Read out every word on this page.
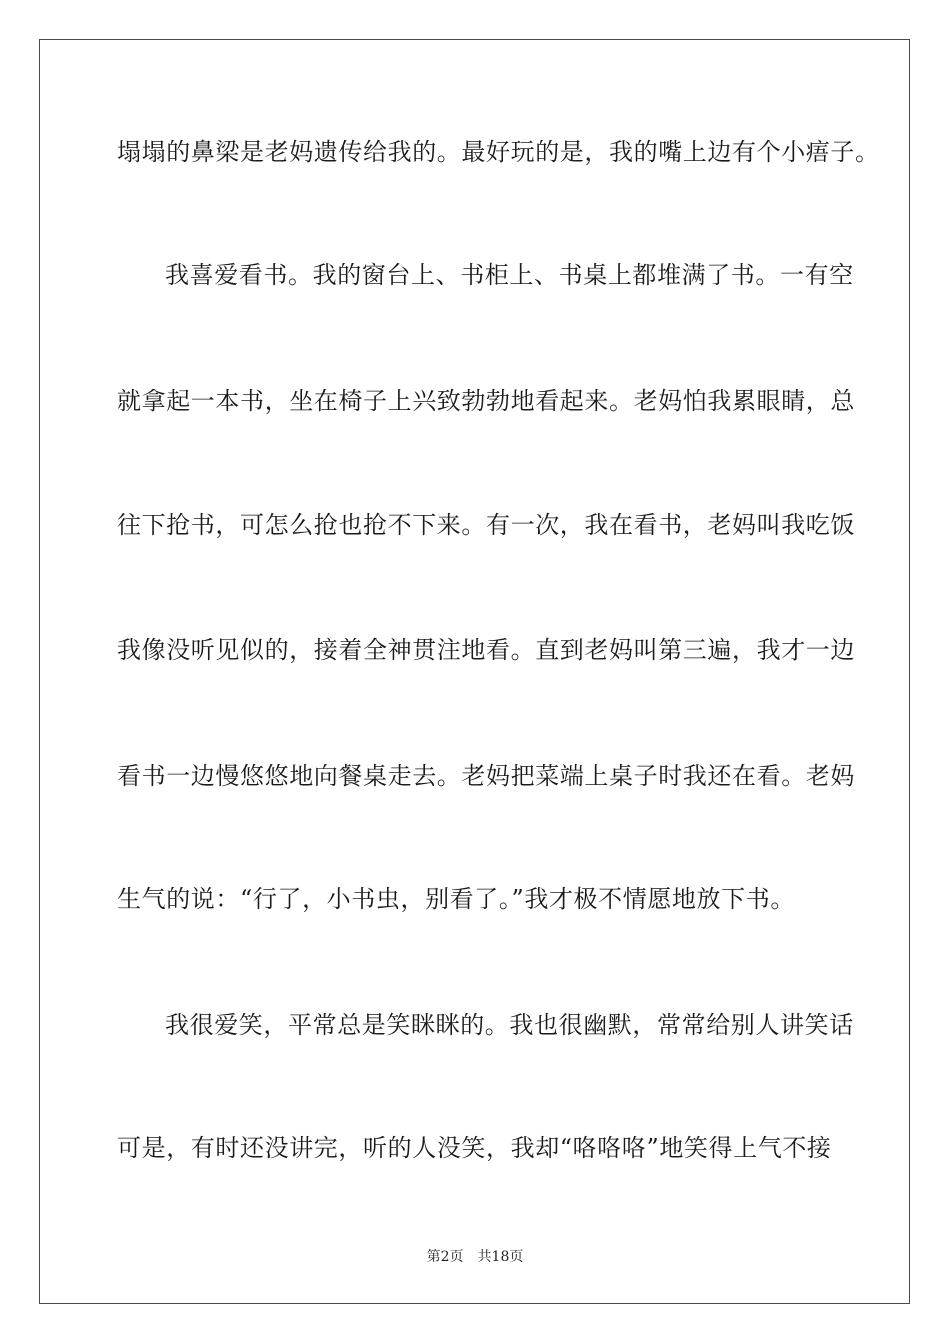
塌塌的鼻梁是老妈遗传给我的。最好玩的是，我的嘴上边有个小痦子。
我喜爱看书。我的窗台上、书柜上、书桌上都堆满了书。一有空
就拿起一本书，坐在椅子上兴致勃勃地看起来。老妈怕我累眼睛，总
往下抢书，可怎么抢也抢不下来。有一次，我在看书，老妈叫我吃饭
我像没听见似的，接着全神贯注地看。直到老妈叫第三遍，我才一边
看书一边慢悠悠地向餐桌走去。老妈把菜端上桌子时我还在看。老妈
生气的说：“行了，小书虫，别看了。”我才极不情愿地放下书。
我很爱笑，平常总是笑眯眯的。我也很幽默，常常给别人讲笑话
可是，有时还没讲完，听的人没笑，我却“咯咯咯”地笑得上气不接
第2页 共18页
